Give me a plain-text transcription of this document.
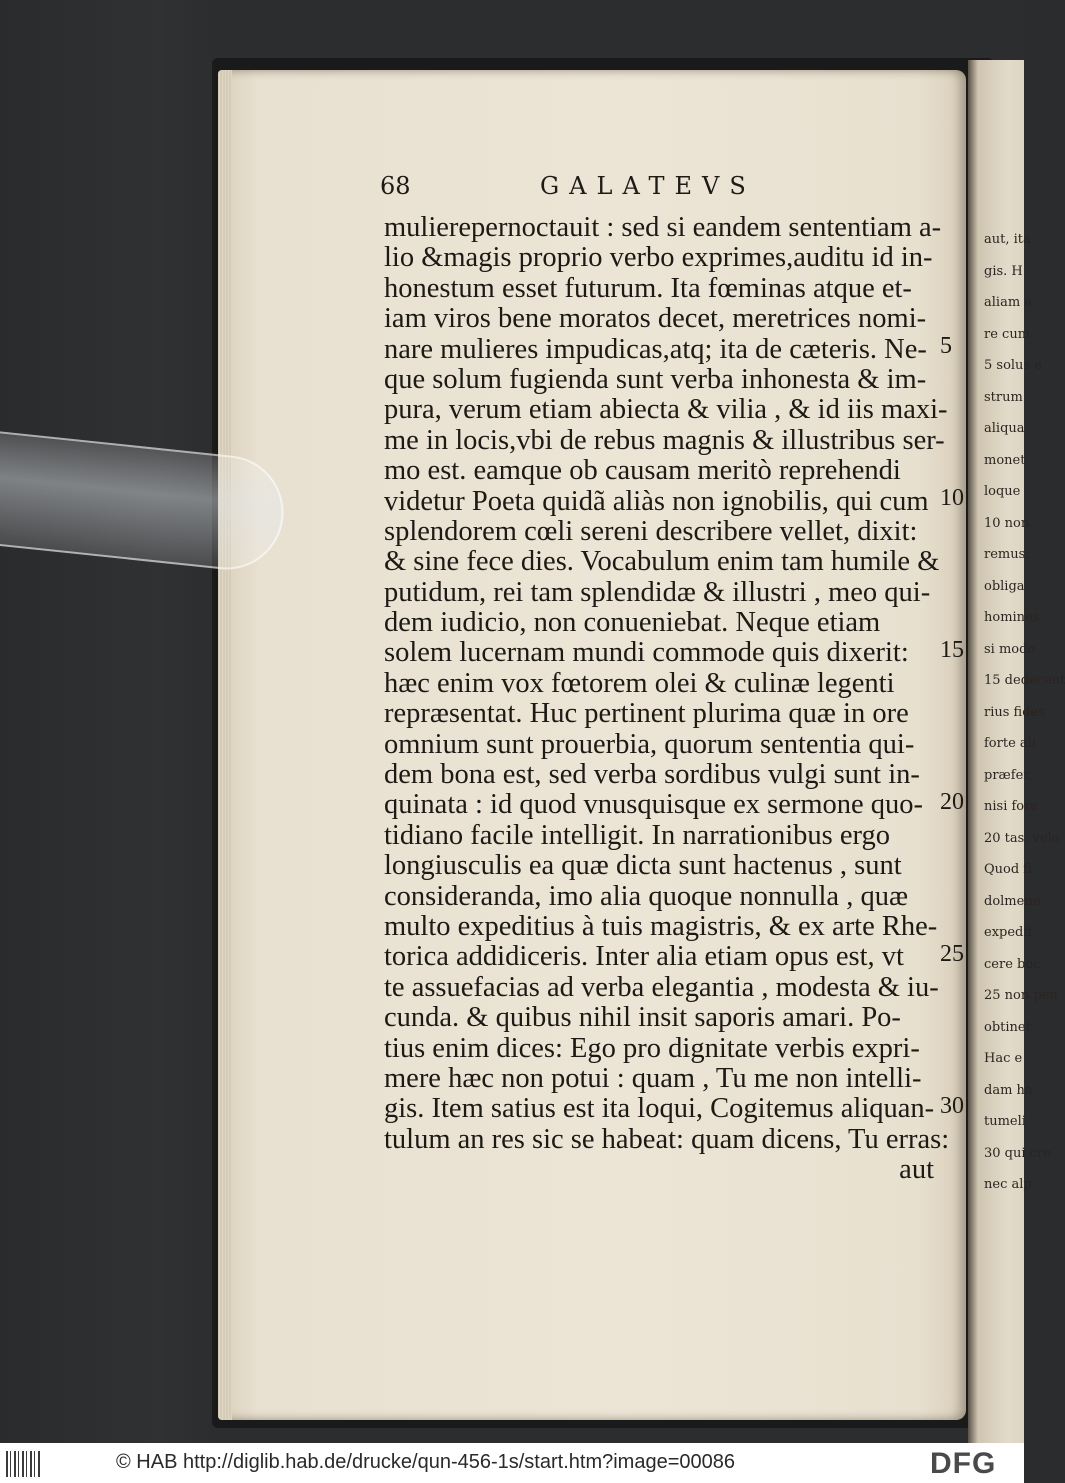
aut, ita
gis. H
aliam e
re cum
5 solus e
strum
aliqua
monet
loque
10 non
remus:
obliga
homines
si modo
15 dedecent
rius fides
forte ali
præfer,
nisi fore
20 tas, vele
Quod fi
dolmene
expedit
cere boc
25 non pen
obtinet
Hac e
dam ha
tumeli
30 qui cre
nec alp
68	GALATEVS
mulierepernoctauit : sed si eandem sententiam a-
lio &magis proprio verbo exprimes,auditu id in-
honestum esset futurum. Ita fœminas atque et-
iam viros bene moratos decet, meretrices nomi-
nare mulieres impudicas,atq; ita de cæteris. Ne-
que solum fugienda sunt verba inhonesta & im-
pura, verum etiam abiecta & vilia , & id iis maxi-
me in locis,vbi de rebus magnis & illustribus ser-
mo est. eamque ob causam meritò reprehendi
videtur Poeta quidã aliàs non ignobilis, qui cum
splendorem cœli sereni describere vellet, dixit:
& sine fece dies. Vocabulum enim tam humile &
putidum, rei tam splendidæ & illustri , meo qui-
dem iudicio, non conueniebat. Neque etiam
solem lucernam mundi commode quis dixerit:
hæc enim vox fœtorem olei & culinæ legenti
repræsentat. Huc pertinent plurima quæ in ore
omnium sunt prouerbia, quorum sententia qui-
dem bona est, sed verba sordibus vulgi sunt in-
quinata : id quod vnusquisque ex sermone quo-
tidiano facile intelligit. In narrationibus ergo
longiusculis ea quæ dicta sunt hactenus , sunt
consideranda, imo alia quoque nonnulla , quæ
multo expeditius à tuis magistris, & ex arte Rhe-
torica addidiceris. Inter alia etiam opus est, vt
te assuefacias ad verba elegantia , modesta & iu-
cunda. & quibus nihil insit saporis amari. Po-
tius enim dices: Ego pro dignitate verbis expri-
mere hæc non potui : quam , Tu me non intelli-
gis. Item satius est ita loqui, Cogitemus aliquan-
tulum an res sic se habeat: quam dicens, Tu erras:
aut
5
10
15
20
25
30
© HAB http://diglib.hab.de/drucke/qun-456-1s/start.htm?image=00086	DFG
